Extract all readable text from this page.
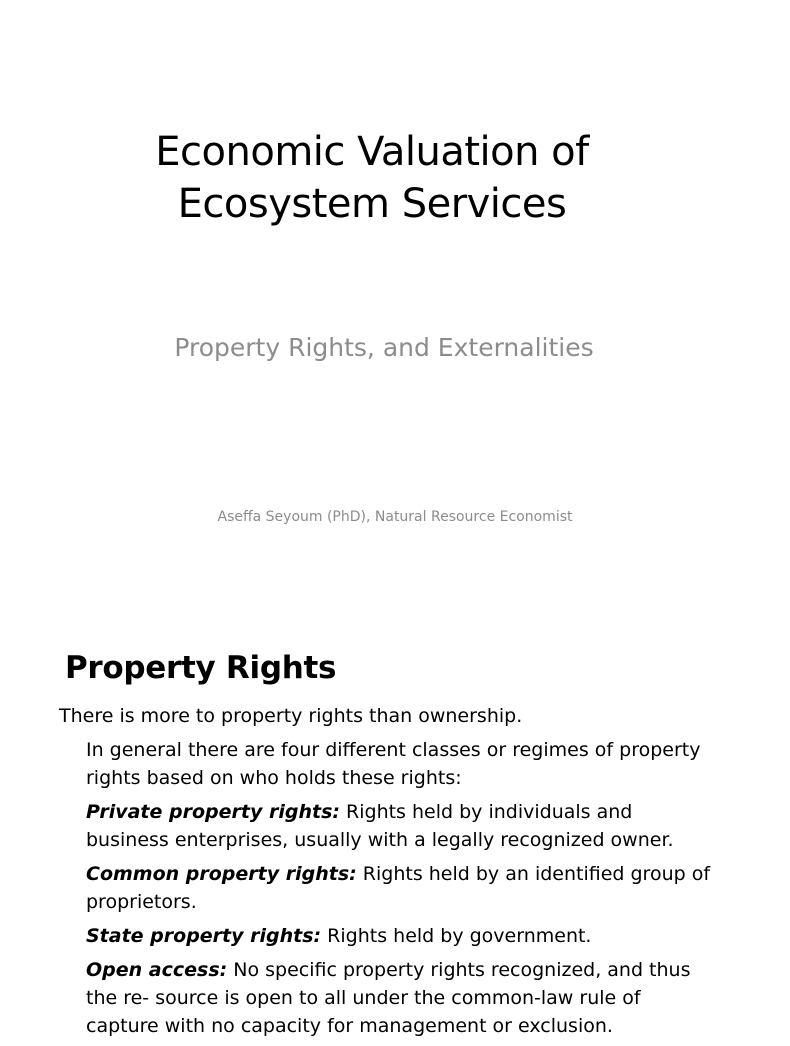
Economic Valuation of
Ecosystem Services

Property Rights, and Externalities

Aseffa Seyoum (PhD), Natural Resource Economist

Property Rights

There is more to property rights than ownership.

In general there are four different classes or regimes of property rights based on who holds these rights:
Private property rights: Rights held by individuals and business enterprises, usually with a legally recognized owner.
Common property rights: Rights held by an identified group of proprietors.
State property rights: Rights held by government.
Open access: No specific property rights recognized, and thus the re- source is open to all under the common-law rule of capture with no capacity for management or exclusion.
